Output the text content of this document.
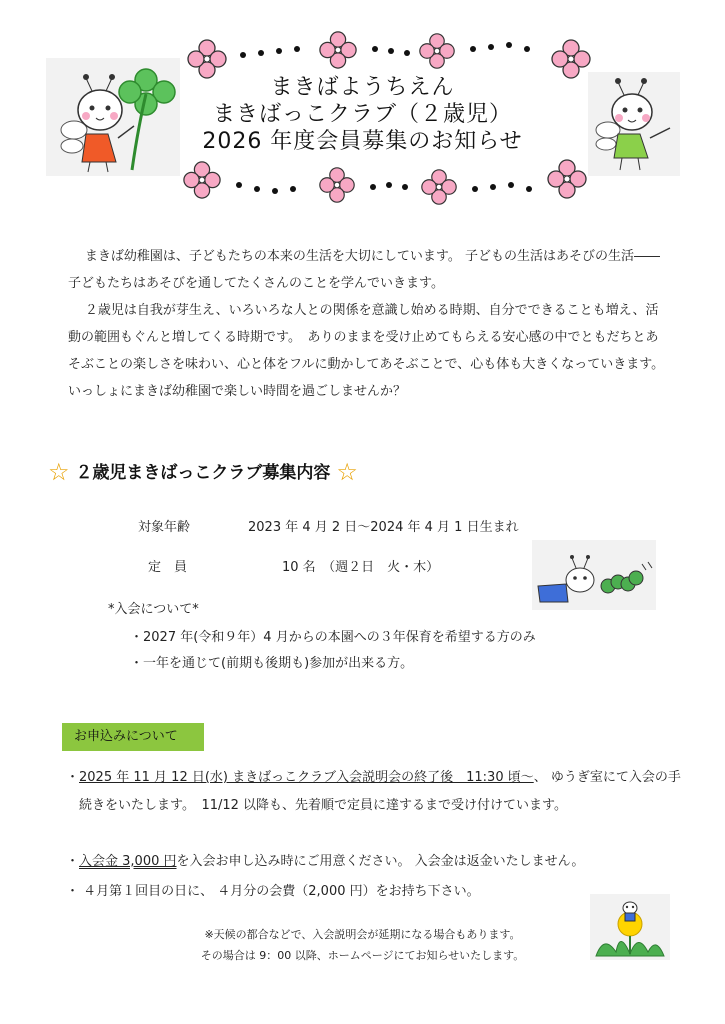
まきばようちえん
まきばっこクラブ（２歳児）
2026 年度会員募集のお知らせ

まきば幼稚園は、子どもたちの本来の生活を大切にしています。 子どもの生活はあそびの生活――子どもたちはあそびを通してたくさんのことを学んでいきます。

２歳児は自我が芽生え、いろいろな人との関係を意識し始める時期、自分でできることも増え、活動の範囲もぐんと増してくる時期です。　ありのままを受け止めてもらえる安心感の中でともだちとあそぶことの楽しさを味わい、心と体をフルに動かしてあそぶことで、心も体も大きくなっていきます。 いっしょにまきば幼稚園で楽しい時間を過ごしませんか？

☆ ２歳児まきばっこクラブ募集内容 ☆
対象年齢	2023 年 4 月 2 日～2024 年 4 月 1 日生まれ
定　員	10 名　（週２日　火・木）
*入会について*
・2027 年(令和９年）4 月からの本園への３年保育を希望する方のみ
・一年を通じて(前期も後期も)参加が出来る方。
お申込みについて
・2025 年 11 月 12 日(水) まきばっこクラブ入会説明会の終了後　11:30 頃～、 ゆうぎ室にて入会の手続きをいたします。　11/12 以降も、先着順で定員に達するまで受け付けています。
・入会金 3,000 円を入会お申し込み時にご用意ください。 入会金は返金いたしません。
・ ４月第１回目の日に、 ４月分の会費（2,000 円）をお持ち下さい。
※天候の都合などで、入会説明会が延期になる場合もあります。
その場合は 9：00 以降、ホームページにてお知らせいたします。
